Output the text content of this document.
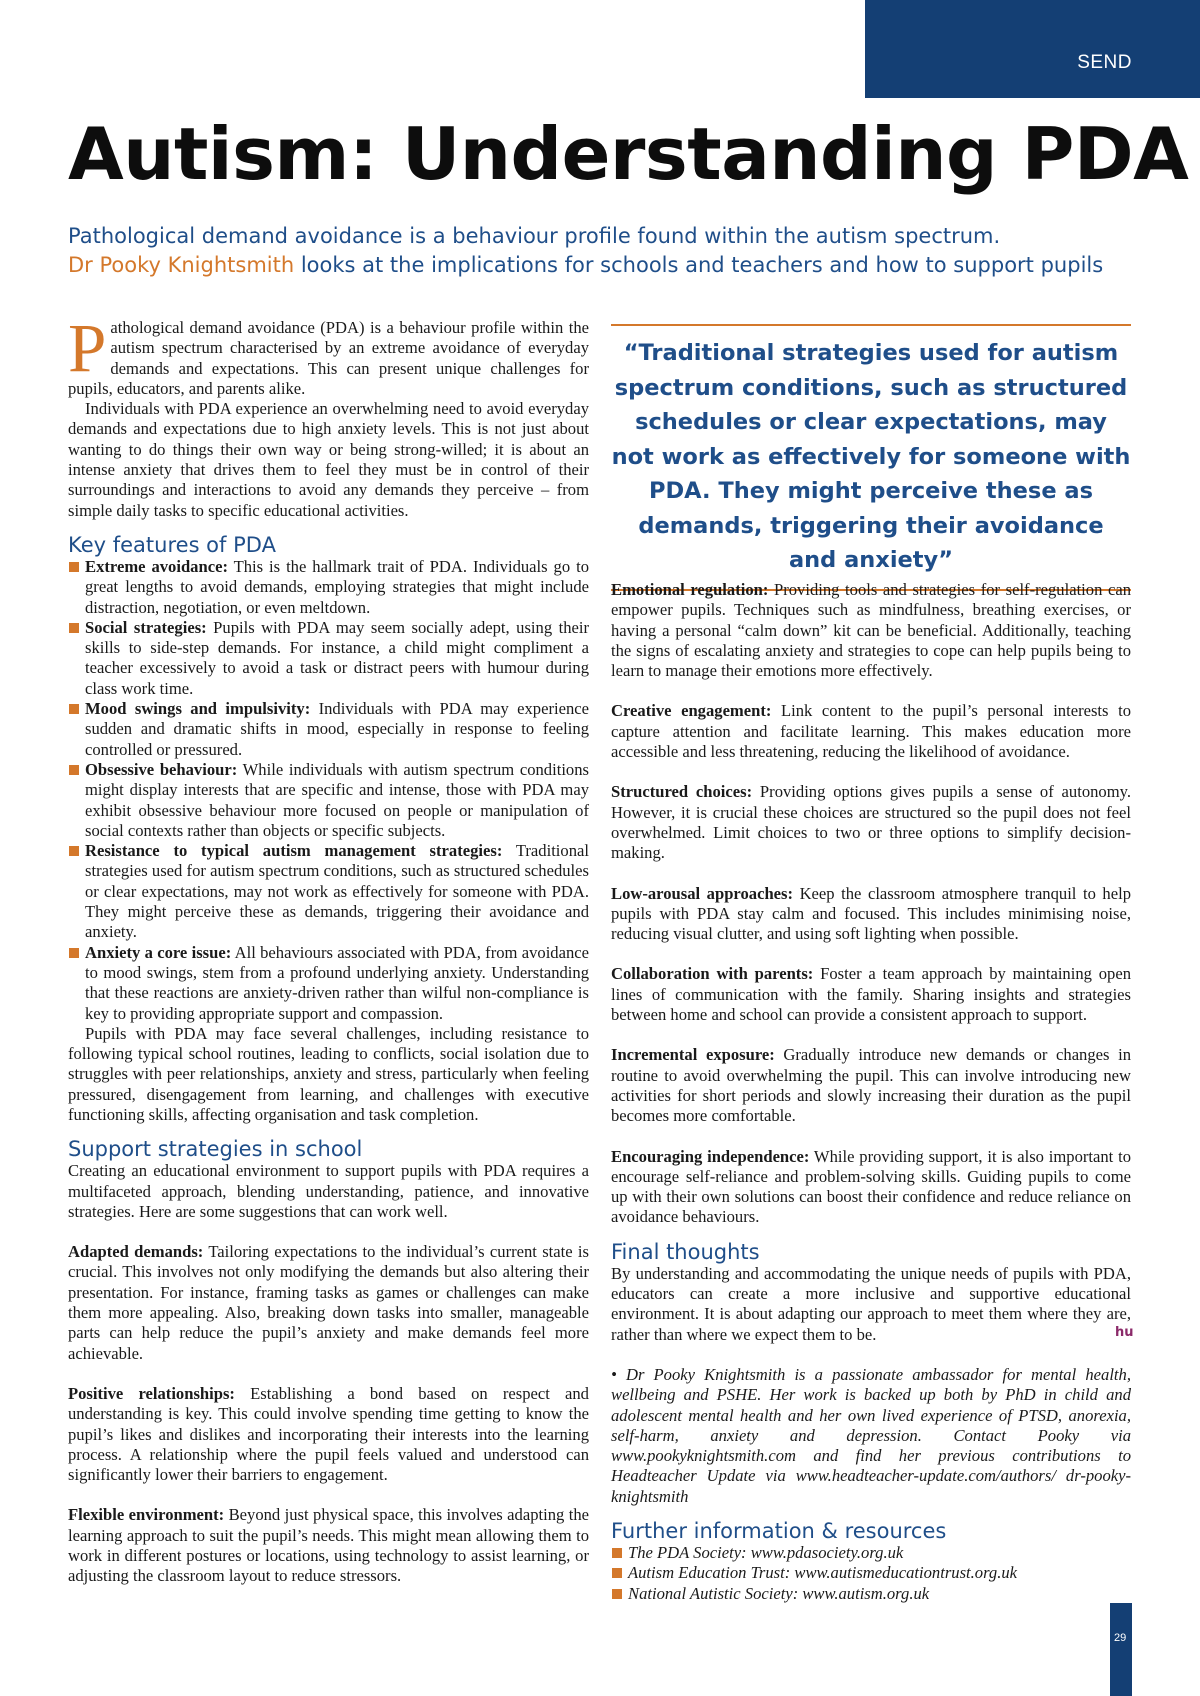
SEND
Autism: Understanding PDA
Pathological demand avoidance is a behaviour profile found within the autism spectrum.
Dr Pooky Knightsmith looks at the implications for schools and teachers and how to support pupils

Pathological demand avoidance (PDA) is a behaviour profile within the autism spectrum characterised by an extreme avoidance of everyday demands and expectations. This can present unique challenges for pupils, educators, and parents alike.

Individuals with PDA experience an overwhelming need to avoid everyday demands and expectations due to high anxiety levels. This is not just about wanting to do things their own way or being strong-willed; it is about an intense anxiety that drives them to feel they must be in control of their surroundings and interactions to avoid any demands they perceive – from simple daily tasks to specific educational activities.

Key features of PDA
Extreme avoidance: This is the hallmark trait of PDA. Individuals go to great lengths to avoid demands, employing strategies that might include distraction, negotiation, or even meltdown.
Social strategies: Pupils with PDA may seem socially adept, using their skills to side-step demands. For instance, a child might compliment a teacher excessively to avoid a task or distract peers with humour during class work time.
Mood swings and impulsivity: Individuals with PDA may experience sudden and dramatic shifts in mood, especially in response to feeling controlled or pressured.
Obsessive behaviour: While individuals with autism spectrum conditions might display interests that are specific and intense, those with PDA may exhibit obsessive behaviour more focused on people or manipulation of social contexts rather than objects or specific subjects.
Resistance to typical autism management strategies: Traditional strategies used for autism spectrum conditions, such as structured schedules or clear expectations, may not work as effectively for someone with PDA. They might perceive these as demands, triggering their avoidance and anxiety.
Anxiety a core issue: All behaviours associated with PDA, from avoidance to mood swings, stem from a profound underlying anxiety. Understanding that these reactions are anxiety-driven rather than wilful non-compliance is key to providing appropriate support and compassion.

Pupils with PDA may face several challenges, including resistance to following typical school routines, leading to conflicts, social isolation due to struggles with peer relationships, anxiety and stress, particularly when feeling pressured, disengagement from learning, and challenges with executive functioning skills, affecting organisation and task completion.

Support strategies in school

Creating an educational environment to support pupils with PDA requires a multifaceted approach, blending understanding, patience, and innovative strategies. Here are some suggestions that can work well.

Adapted demands: Tailoring expectations to the individual’s current state is crucial. This involves not only modifying the demands but also altering their presentation. For instance, framing tasks as games or challenges can make them more appealing. Also, breaking down tasks into smaller, manageable parts can help reduce the pupil’s anxiety and make demands feel more achievable.

Positive relationships: Establishing a bond based on respect and understanding is key. This could involve spending time getting to know the pupil’s likes and dislikes and incorporating their interests into the learning process. A relationship where the pupil feels valued and understood can significantly lower their barriers to engagement.

Flexible environment: Beyond just physical space, this involves adapting the learning approach to suit the pupil’s needs. This might mean allowing them to work in different postures or locations, using technology to assist learning, or adjusting the classroom layout to reduce stressors.

“Traditional strategies used for autism spectrum conditions, such as structured schedules or clear expectations, may not work as effectively for someone with PDA. They might perceive these as demands, triggering their avoidance and anxiety”

Emotional regulation: Providing tools and strategies for self-regulation can empower pupils. Techniques such as mindfulness, breathing exercises, or having a personal “calm down” kit can be beneficial. Additionally, teaching the signs of escalating anxiety and strategies to cope can help pupils being to learn to manage their emotions more effectively.

Creative engagement: Link content to the pupil’s personal interests to capture attention and facilitate learning. This makes education more accessible and less threatening, reducing the likelihood of avoidance.

Structured choices: Providing options gives pupils a sense of autonomy. However, it is crucial these choices are structured so the pupil does not feel overwhelmed. Limit choices to two or three options to simplify decision-making.

Low-arousal approaches: Keep the classroom atmosphere tranquil to help pupils with PDA stay calm and focused. This includes minimising noise, reducing visual clutter, and using soft lighting when possible.

Collaboration with parents: Foster a team approach by maintaining open lines of communication with the family. Sharing insights and strategies between home and school can provide a consistent approach to support.

Incremental exposure: Gradually introduce new demands or changes in routine to avoid overwhelming the pupil. This can involve introducing new activities for short periods and slowly increasing their duration as the pupil becomes more comfortable.

Encouraging independence: While providing support, it is also important to encourage self-reliance and problem-solving skills. Guiding pupils to come up with their own solutions can boost their confidence and reduce reliance on avoidance behaviours.

Final thoughts

By understanding and accommodating the unique needs of pupils with PDA, educators can create a more inclusive and supportive educational environment. It is about adapting our approach to meet them where they are, rather than where we expect them to be.

• Dr Pooky Knightsmith is a passionate ambassador for mental health, wellbeing and PSHE. Her work is backed up both by PhD in child and adolescent mental health and her own lived experience of PTSD, anorexia, self-harm, anxiety and depression. Contact Pooky via www.pookyknightsmith.com and find her previous contributions to Headteacher Update via www.headteacher-update.com/authors/ dr-pooky-knightsmith

Further information & resources
The PDA Society: www.pdasociety.org.uk
Autism Education Trust: www.autismeducationtrust.org.uk
National Autistic Society: www.autism.org.uk
hu
29
